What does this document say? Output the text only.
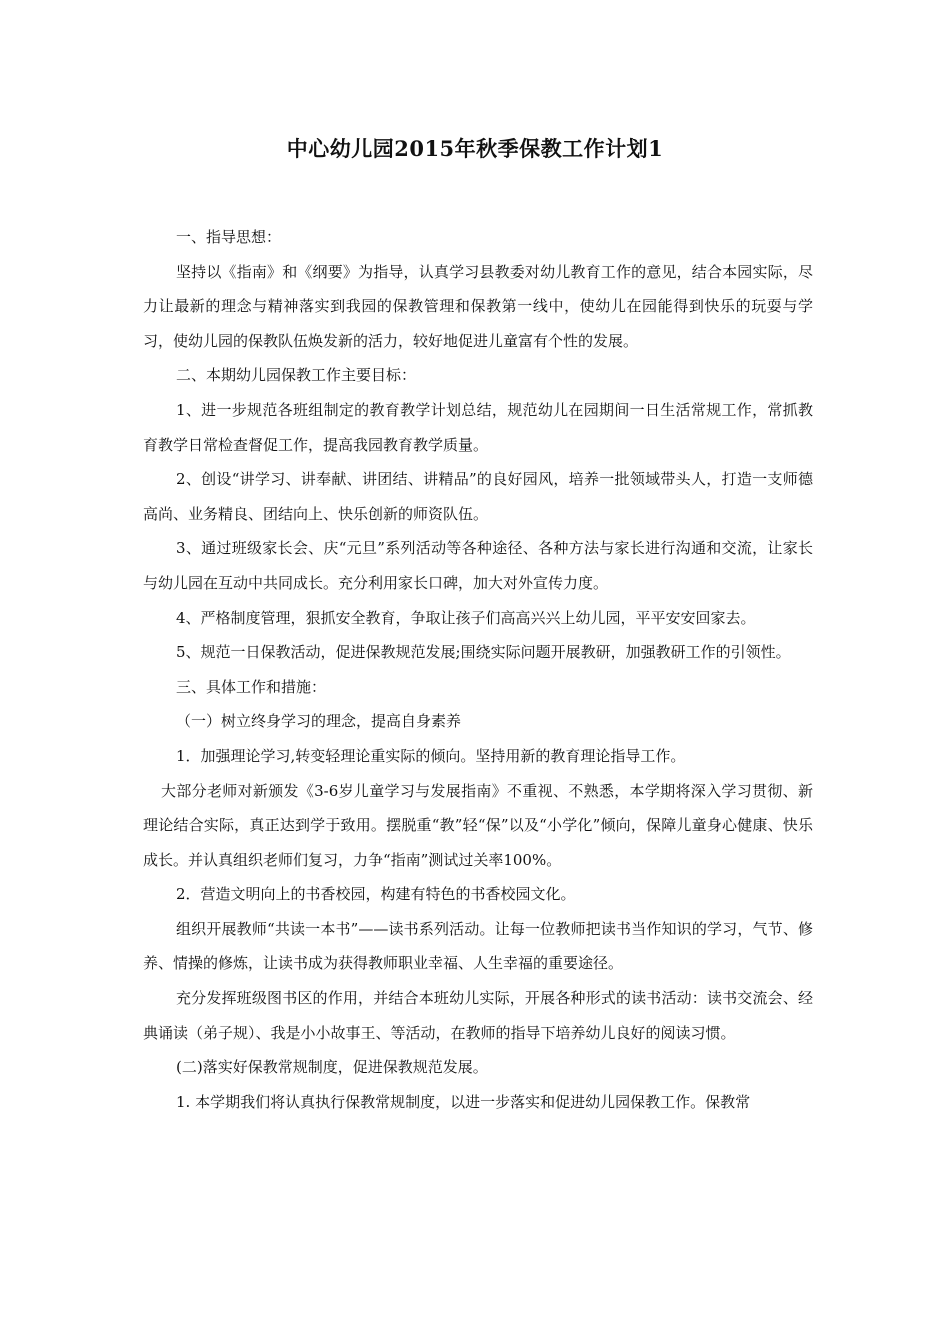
中心幼儿园2015年秋季保教工作计划1

一、指导思想：

坚持以《指南》和《纲要》为指导，认真学习县教委对幼儿教育工作的意见，结合本园实际，尽力让最新的理念与精神落实到我园的保教管理和保教第一线中，使幼儿在园能得到快乐的玩耍与学习，使幼儿园的保教队伍焕发新的活力，较好地促进儿童富有个性的发展。

二、本期幼儿园保教工作主要目标：

1、进一步规范各班组制定的教育教学计划总结，规范幼儿在园期间一日生活常规工作，常抓教育教学日常检查督促工作，提高我园教育教学质量。

2、创设“讲学习、讲奉献、讲团结、讲精品”的良好园风，培养一批领域带头人，打造一支师德高尚、业务精良、团结向上、快乐创新的师资队伍。

3、通过班级家长会、庆“元旦”系列活动等各种途径、各种方法与家长进行沟通和交流，让家长与幼儿园在互动中共同成长。充分利用家长口碑，加大对外宣传力度。

4、严格制度管理，狠抓安全教育，争取让孩子们高高兴兴上幼儿园，平平安安回家去。

5、规范一日保教活动，促进保教规范发展;围绕实际问题开展教研，加强教研工作的引领性。

三、具体工作和措施：

（一）树立终身学习的理念，提高自身素养

1．加强理论学习,转变轻理论重实际的倾向。坚持用新的教育理论指导工作。

大部分老师对新颁发《3-6岁儿童学习与发展指南》不重视、不熟悉，本学期将深入学习贯彻、新理论结合实际，真正达到学于致用。摆脱重“教”轻“保”以及“小学化”倾向，保障儿童身心健康、快乐成长。并认真组织老师们复习，力争“指南”测试过关率100%。

2．营造文明向上的书香校园，构建有特色的书香校园文化。

组织开展教师“共读一本书”——读书系列活动。让每一位教师把读书当作知识的学习，气节、修养、情操的修炼，让读书成为获得教师职业幸福、人生幸福的重要途径。

充分发挥班级图书区的作用，并结合本班幼儿实际，开展各种形式的读书活动：读书交流会、经典诵读（弟子规）、我是小小故事王、等活动，在教师的指导下培养幼儿良好的阅读习惯。

(二)落实好保教常规制度，促进保教规范发展。

1. 本学期我们将认真执行保教常规制度，以进一步落实和促进幼儿园保教工作。保教常
